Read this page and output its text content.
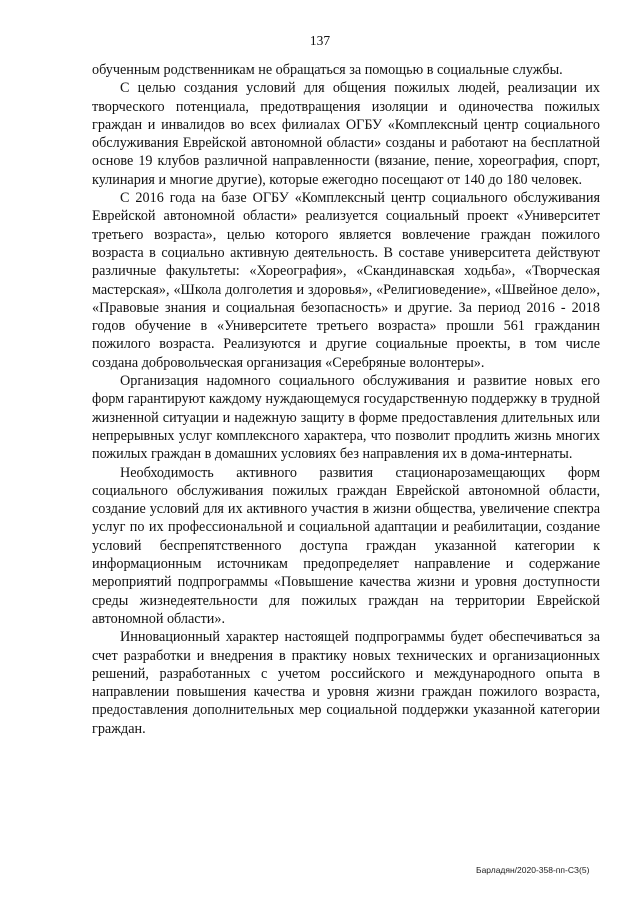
137

обученным родственникам не обращаться за помощью в социальные службы.

С целью создания условий для общения пожилых людей, реализации их творческого потенциала, предотвращения изоляции и одиночества пожилых граждан и инвалидов во всех филиалах ОГБУ «Комплексный центр социального обслуживания Еврейской автономной области» созданы и работают на бесплатной основе 19 клубов различной направленности (вязание, пение, хореография, спорт, кулинария и многие другие), которые ежегодно посещают от 140 до 180 человек.

С 2016 года на базе ОГБУ «Комплексный центр социального обслуживания Еврейской автономной области» реализуется социальный проект «Университет третьего возраста», целью которого является вовлечение граждан пожилого возраста в социально активную деятельность. В составе университета действуют различные факультеты: «Хореография», «Скандинавская ходьба», «Творческая мастерская», «Школа долголетия и здоровья», «Религиоведение», «Швейное дело», «Правовые знания и социальная безопасность» и другие. За период 2016 - 2018 годов обучение в «Университете третьего возраста» прошли 561 гражданин пожилого возраста. Реализуются и другие социальные проекты, в том числе создана добровольческая организация «Серебряные волонтеры».

Организация надомного социального обслуживания и развитие новых его форм гарантируют каждому нуждающемуся государственную поддержку в трудной жизненной ситуации и надежную защиту в форме предоставления длительных или непрерывных услуг комплексного характера, что позволит продлить жизнь многих пожилых граждан в домашних условиях без направления их в дома-интернаты.

Необходимость активного развития стационарозамещающих форм социального обслуживания пожилых граждан Еврейской автономной области, создание условий для их активного участия в жизни общества, увеличение спектра услуг по их профессиональной и социальной адаптации и реабилитации, создание условий беспрепятственного доступа граждан указанной категории к информационным источникам предопределяет направление и содержание мероприятий подпрограммы «Повышение качества жизни и уровня доступности среды жизнедеятельности для пожилых граждан на территории Еврейской автономной области».

Инновационный характер настоящей подпрограммы будет обеспечиваться за счет разработки и внедрения в практику новых технических и организационных решений, разработанных с учетом российского и международного опыта в направлении повышения качества и уровня жизни граждан пожилого возраста, предоставления дополнительных мер социальной поддержки указанной категории граждан.

Барладян/2020-358-пп-СЗ(5)
